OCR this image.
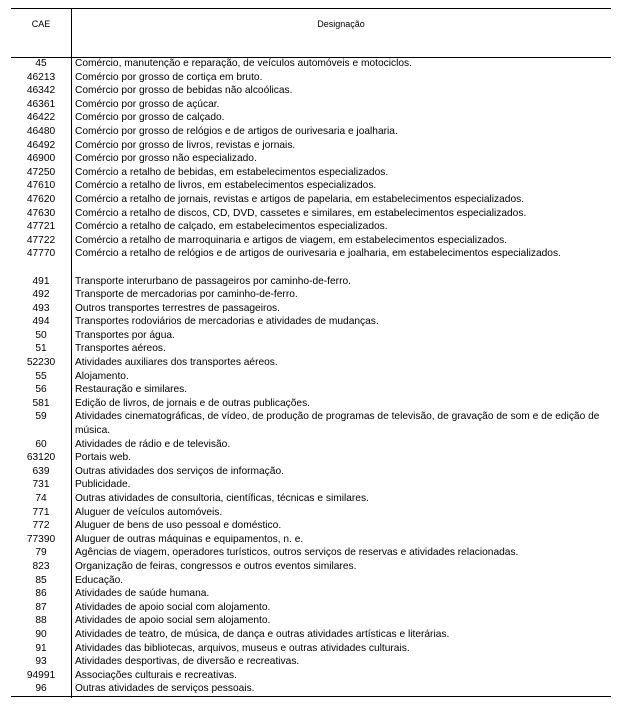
CAE	Designação
45	Comércio, manutenção e reparação, de veículos automóveis e motociclos.
46213	Comércio por grosso de cortiça em bruto.
46342	Comércio por grosso de bebidas não alcoólicas.
46361	Comércio por grosso de açúcar.
46422	Comércio por grosso de calçado.
46480	Comércio por grosso de relógios e de artigos de ourivesaria e joalharia.
46492	Comércio por grosso de livros, revistas e jornais.
46900	Comércio por grosso não especializado.
47250	Comércio a retalho de bebidas, em estabelecimentos especializados.
47610	Comércio a retalho de livros, em estabelecimentos especializados.
47620	Comércio a retalho de jornais, revistas e artigos de papelaria, em estabelecimentos especializados.
47630	Comércio a retalho de discos, CD, DVD, cassetes e similares, em estabelecimentos especializados.
47721	Comércio a retalho de calçado, em estabelecimentos especializados.
47722	Comércio a retalho de marroquinaria e artigos de viagem, em estabelecimentos especializados.
47770	Comércio a retalho de relógios e de artigos de ourivesaria e joalharia, em estabelecimentos especializados.
491	Transporte interurbano de passageiros por caminho-de-ferro.
492	Transporte de mercadorias por caminho-de-ferro.
493	Outros transportes terrestres de passageiros.
494	Transportes rodoviários de mercadorias e atividades de mudanças.
50	Transportes por água.
51	Transportes aéreos.
52230	Atividades auxiliares dos transportes aéreos.
55	Alojamento.
56	Restauração e similares.
581	Edição de livros, de jornais e de outras publicações.
59	Atividades cinematográficas, de vídeo, de produção de programas de televisão, de gravação de som e de edição de música.
60	Atividades de rádio e de televisão.
63120	Portais web.
639	Outras atividades dos serviços de informação.
731	Publicidade.
74	Outras atividades de consultoria, científicas, técnicas e similares.
771	Aluguer de veículos automóveis.
772	Aluguer de bens de uso pessoal e doméstico.
77390	Aluguer de outras máquinas e equipamentos, n. e.
79	Agências de viagem, operadores turísticos, outros serviços de reservas e atividades relacionadas.
823	Organização de feiras, congressos e outros eventos similares.
85	Educação.
86	Atividades de saúde humana.
87	Atividades de apoio social com alojamento.
88	Atividades de apoio social sem alojamento.
90	Atividades de teatro, de música, de dança e outras atividades artísticas e literárias.
91	Atividades das bibliotecas, arquivos, museus e outras atividades culturais.
93	Atividades desportivas, de diversão e recreativas.
94991	Associações culturais e recreativas.
96	Outras atividades de serviços pessoais.
